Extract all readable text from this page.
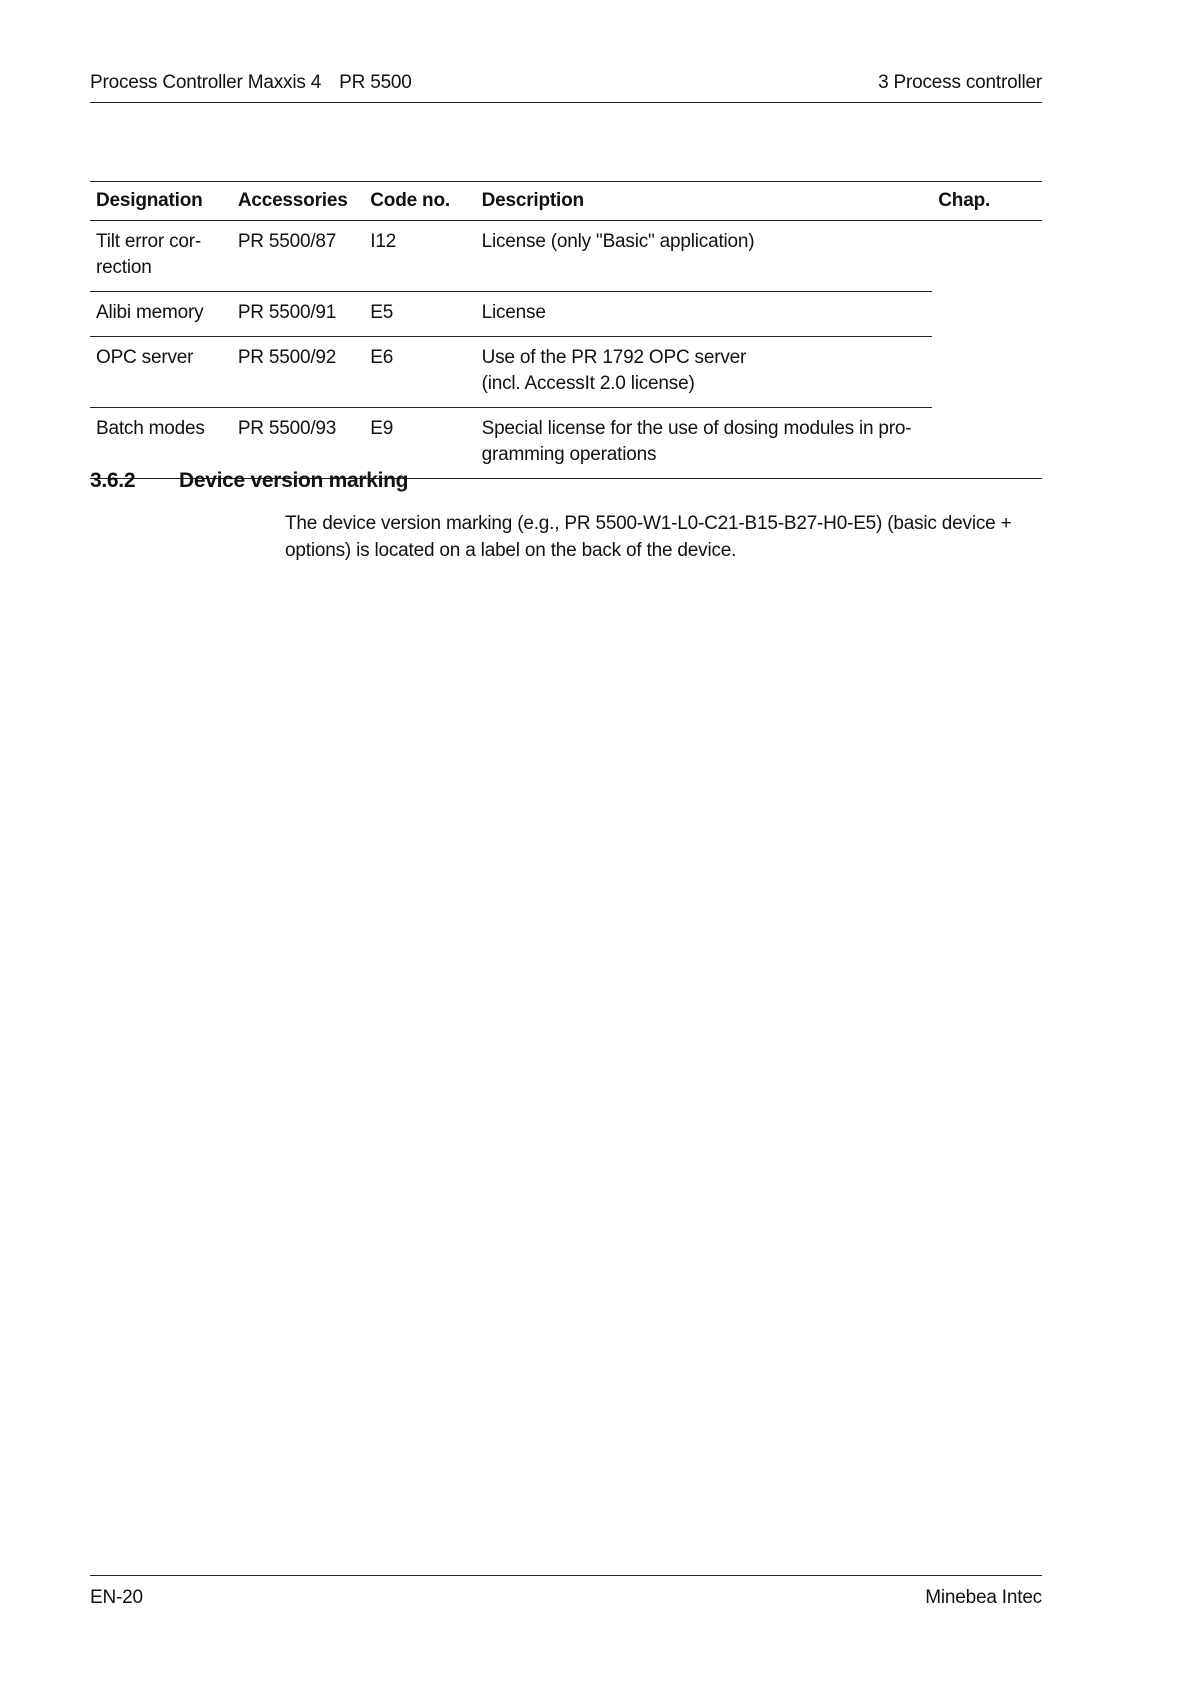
Process Controller Maxxis 4 PR 5500	3 Process controller
Designation	Accessories	Code no.	Description	Chap.
Tilt error cor-
rection	PR 5500/87	I12	License (only "Basic" application)	
Alibi memory	PR 5500/91	E5	License	
OPC server	PR 5500/92	E6	Use of the PR 1792 OPC server
(incl. AccessIt 2.0 license)	
Batch modes	PR 5500/93	E9	Special license for the use of dosing modules in pro-
gramming operations	
3.6.2 Device version marking
The device version marking (e.g., PR 5500-W1-L0-C21-B15-B27-H0-E5) (basic device + options) is located on a label on the back of the device.
EN-20	Minebea Intec
